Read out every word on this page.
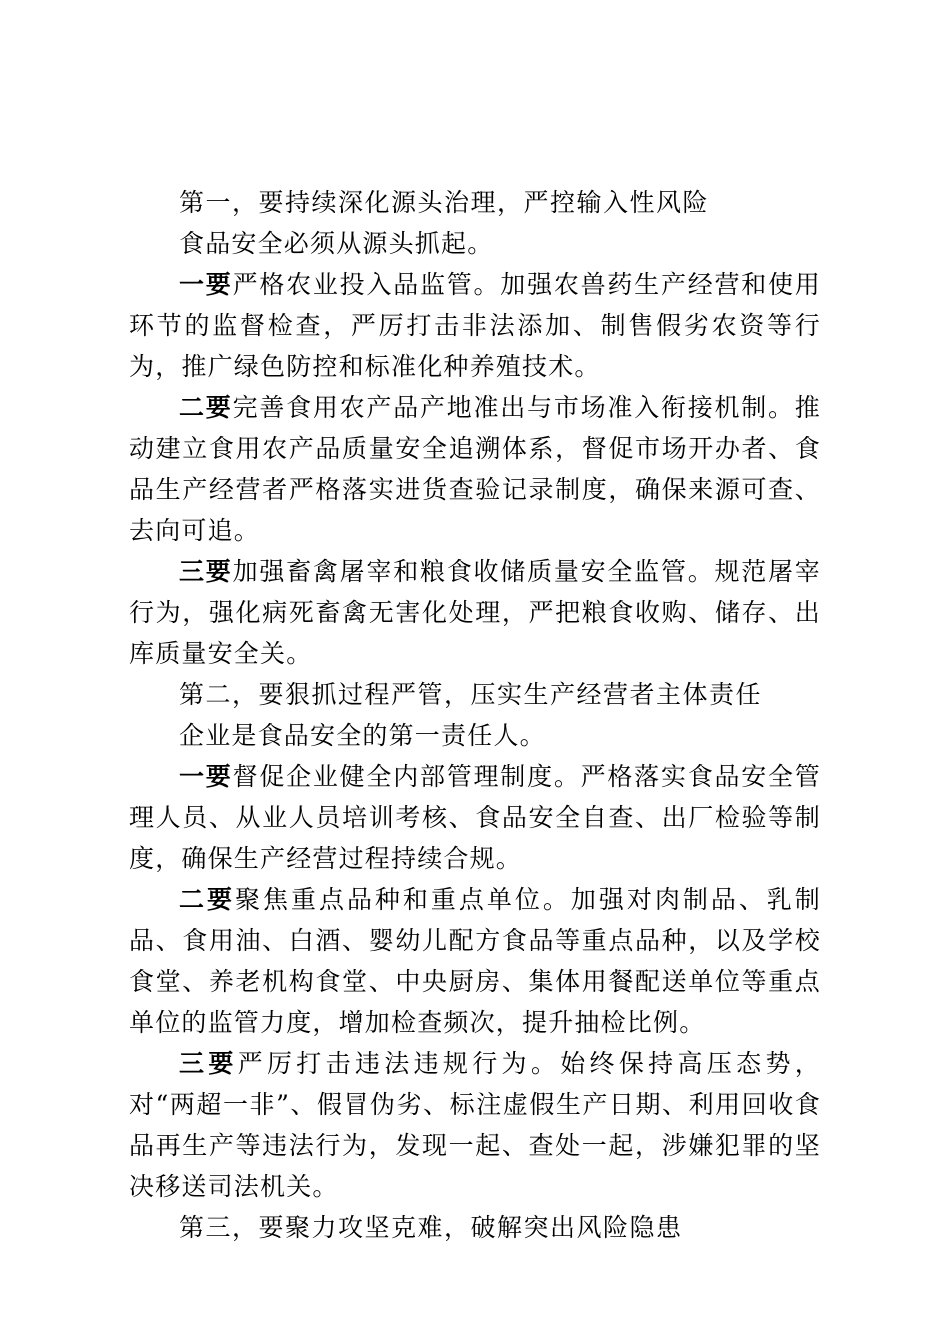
第一，要持续深化源头治理，严控输入性风险

食品安全必须从源头抓起。

一要严格农业投入品监管。加强农兽药生产经营和使用环节的监督检查，严厉打击非法添加、制售假劣农资等行为，推广绿色防控和标准化种养殖技术。

二要完善食用农产品产地准出与市场准入衔接机制。推动建立食用农产品质量安全追溯体系，督促市场开办者、食品生产经营者严格落实进货查验记录制度，确保来源可查、去向可追。

三要加强畜禽屠宰和粮食收储质量安全监管。规范屠宰行为，强化病死畜禽无害化处理，严把粮食收购、储存、出库质量安全关。

第二，要狠抓过程严管，压实生产经营者主体责任

企业是食品安全的第一责任人。

一要督促企业健全内部管理制度。严格落实食品安全管理人员、从业人员培训考核、食品安全自查、出厂检验等制度，确保生产经营过程持续合规。

二要聚焦重点品种和重点单位。加强对肉制品、乳制品、食用油、白酒、婴幼儿配方食品等重点品种，以及学校食堂、养老机构食堂、中央厨房、集体用餐配送单位等重点单位的监管力度，增加检查频次，提升抽检比例。

三要严厉打击违法违规行为。始终保持高压态势，对“两超一非”、假冒伪劣、标注虚假生产日期、利用回收食品再生产等违法行为，发现一起、查处一起，涉嫌犯罪的坚决移送司法机关。

第三，要聚力攻坚克难，破解突出风险隐患
